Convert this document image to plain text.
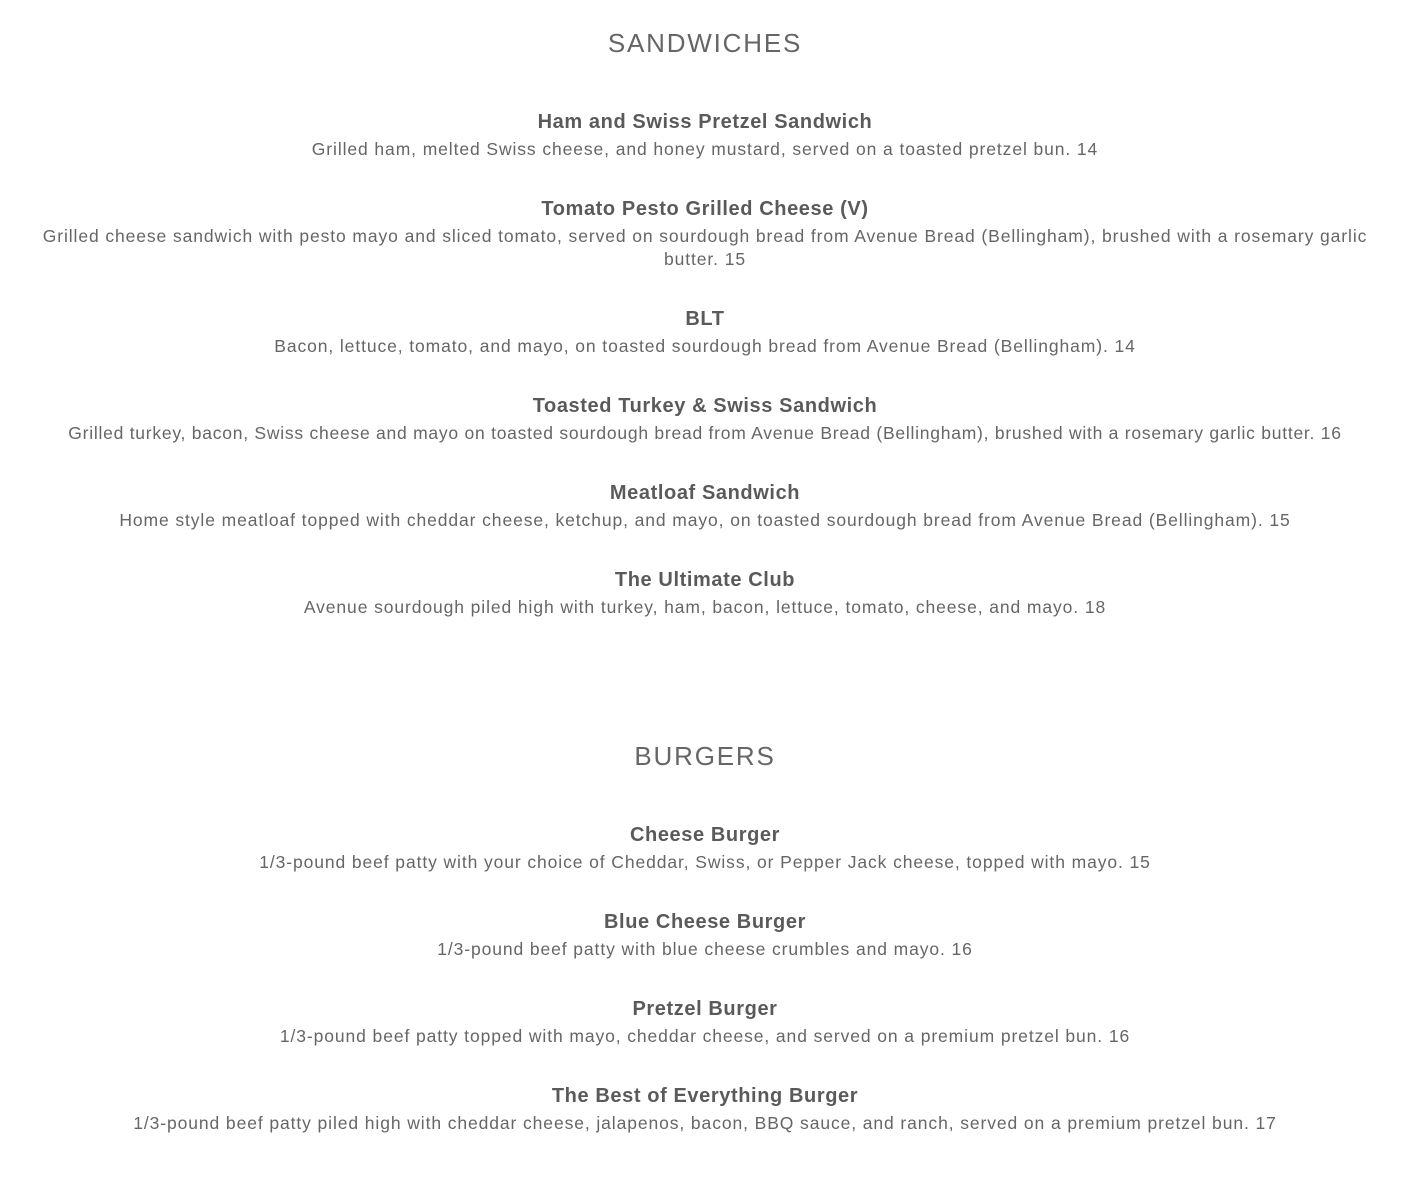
SANDWICHES
Ham and Swiss Pretzel Sandwich

Grilled ham, melted Swiss cheese, and honey mustard, served on a toasted pretzel bun. 14

Tomato Pesto Grilled Cheese (V)

Grilled cheese sandwich with pesto mayo and sliced tomato, served on sourdough bread from Avenue Bread (Bellingham), brushed with a rosemary garlic butter. 15

BLT

Bacon, lettuce, tomato, and mayo, on toasted sourdough bread from Avenue Bread (Bellingham). 14

Toasted Turkey & Swiss Sandwich

Grilled turkey, bacon, Swiss cheese and mayo on toasted sourdough bread from Avenue Bread (Bellingham), brushed with a rosemary garlic butter. 16

Meatloaf Sandwich

Home style meatloaf topped with cheddar cheese, ketchup, and mayo, on toasted sourdough bread from Avenue Bread (Bellingham). 15

The Ultimate Club

Avenue sourdough piled high with turkey, ham, bacon, lettuce, tomato, cheese, and mayo. 18

BURGERS
Cheese Burger

1/3-pound beef patty with your choice of Cheddar, Swiss, or Pepper Jack cheese, topped with mayo. 15

Blue Cheese Burger

1/3-pound beef patty with blue cheese crumbles and mayo. 16

Pretzel Burger

1/3-pound beef patty topped with mayo, cheddar cheese, and served on a premium pretzel bun. 16

The Best of Everything Burger

1/3-pound beef patty piled high with cheddar cheese, jalapenos, bacon, BBQ sauce, and ranch, served on a premium pretzel bun. 17
